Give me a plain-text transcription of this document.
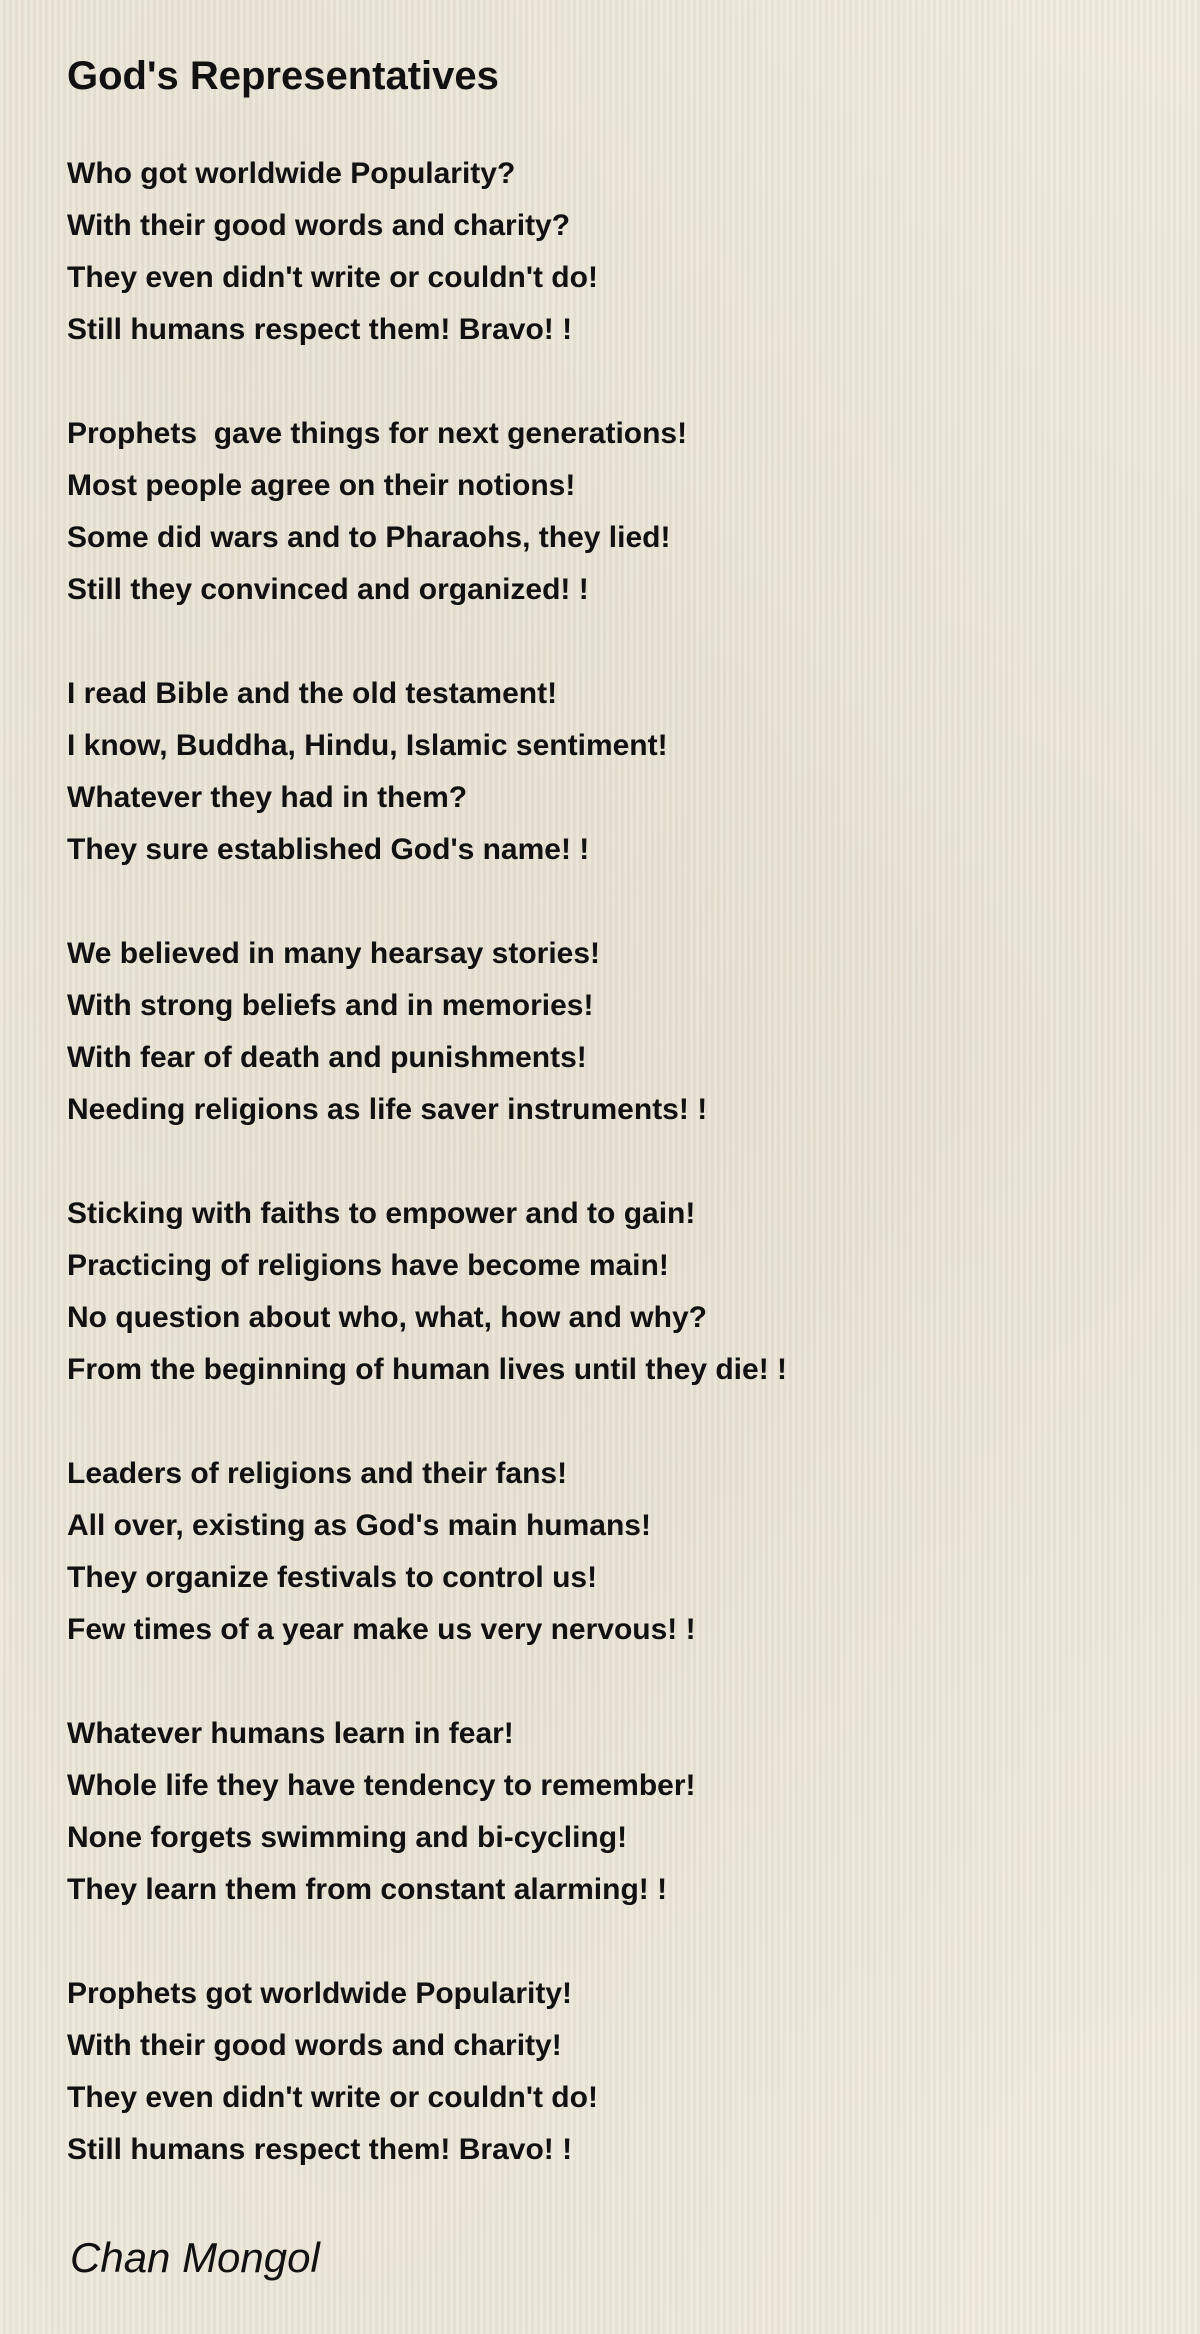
God's Representatives
Who got worldwide Popularity?
With their good words and charity?
They even didn't write or couldn't do!
Still humans respect them! Bravo! !
Prophets  gave things for next generations!
Most people agree on their notions!
Some did wars and to Pharaohs, they lied!
Still they convinced and organized! !
I read Bible and the old testament!
I know, Buddha, Hindu, Islamic sentiment!
Whatever they had in them?
They sure established God's name! !
We believed in many hearsay stories!
With strong beliefs and in memories!
With fear of death and punishments!
Needing religions as life saver instruments! !
Sticking with faiths to empower and to gain!
Practicing of religions have become main!
No question about who, what, how and why?
From the beginning of human lives until they die! !
Leaders of religions and their fans!
All over, existing as God's main humans!
They organize festivals to control us!
Few times of a year make us very nervous! !
Whatever humans learn in fear!
Whole life they have tendency to remember!
None forgets swimming and bi-cycling!
They learn them from constant alarming! !
Prophets got worldwide Popularity!
With their good words and charity!
They even didn't write or couldn't do!
Still humans respect them! Bravo! !

Chan Mongol
